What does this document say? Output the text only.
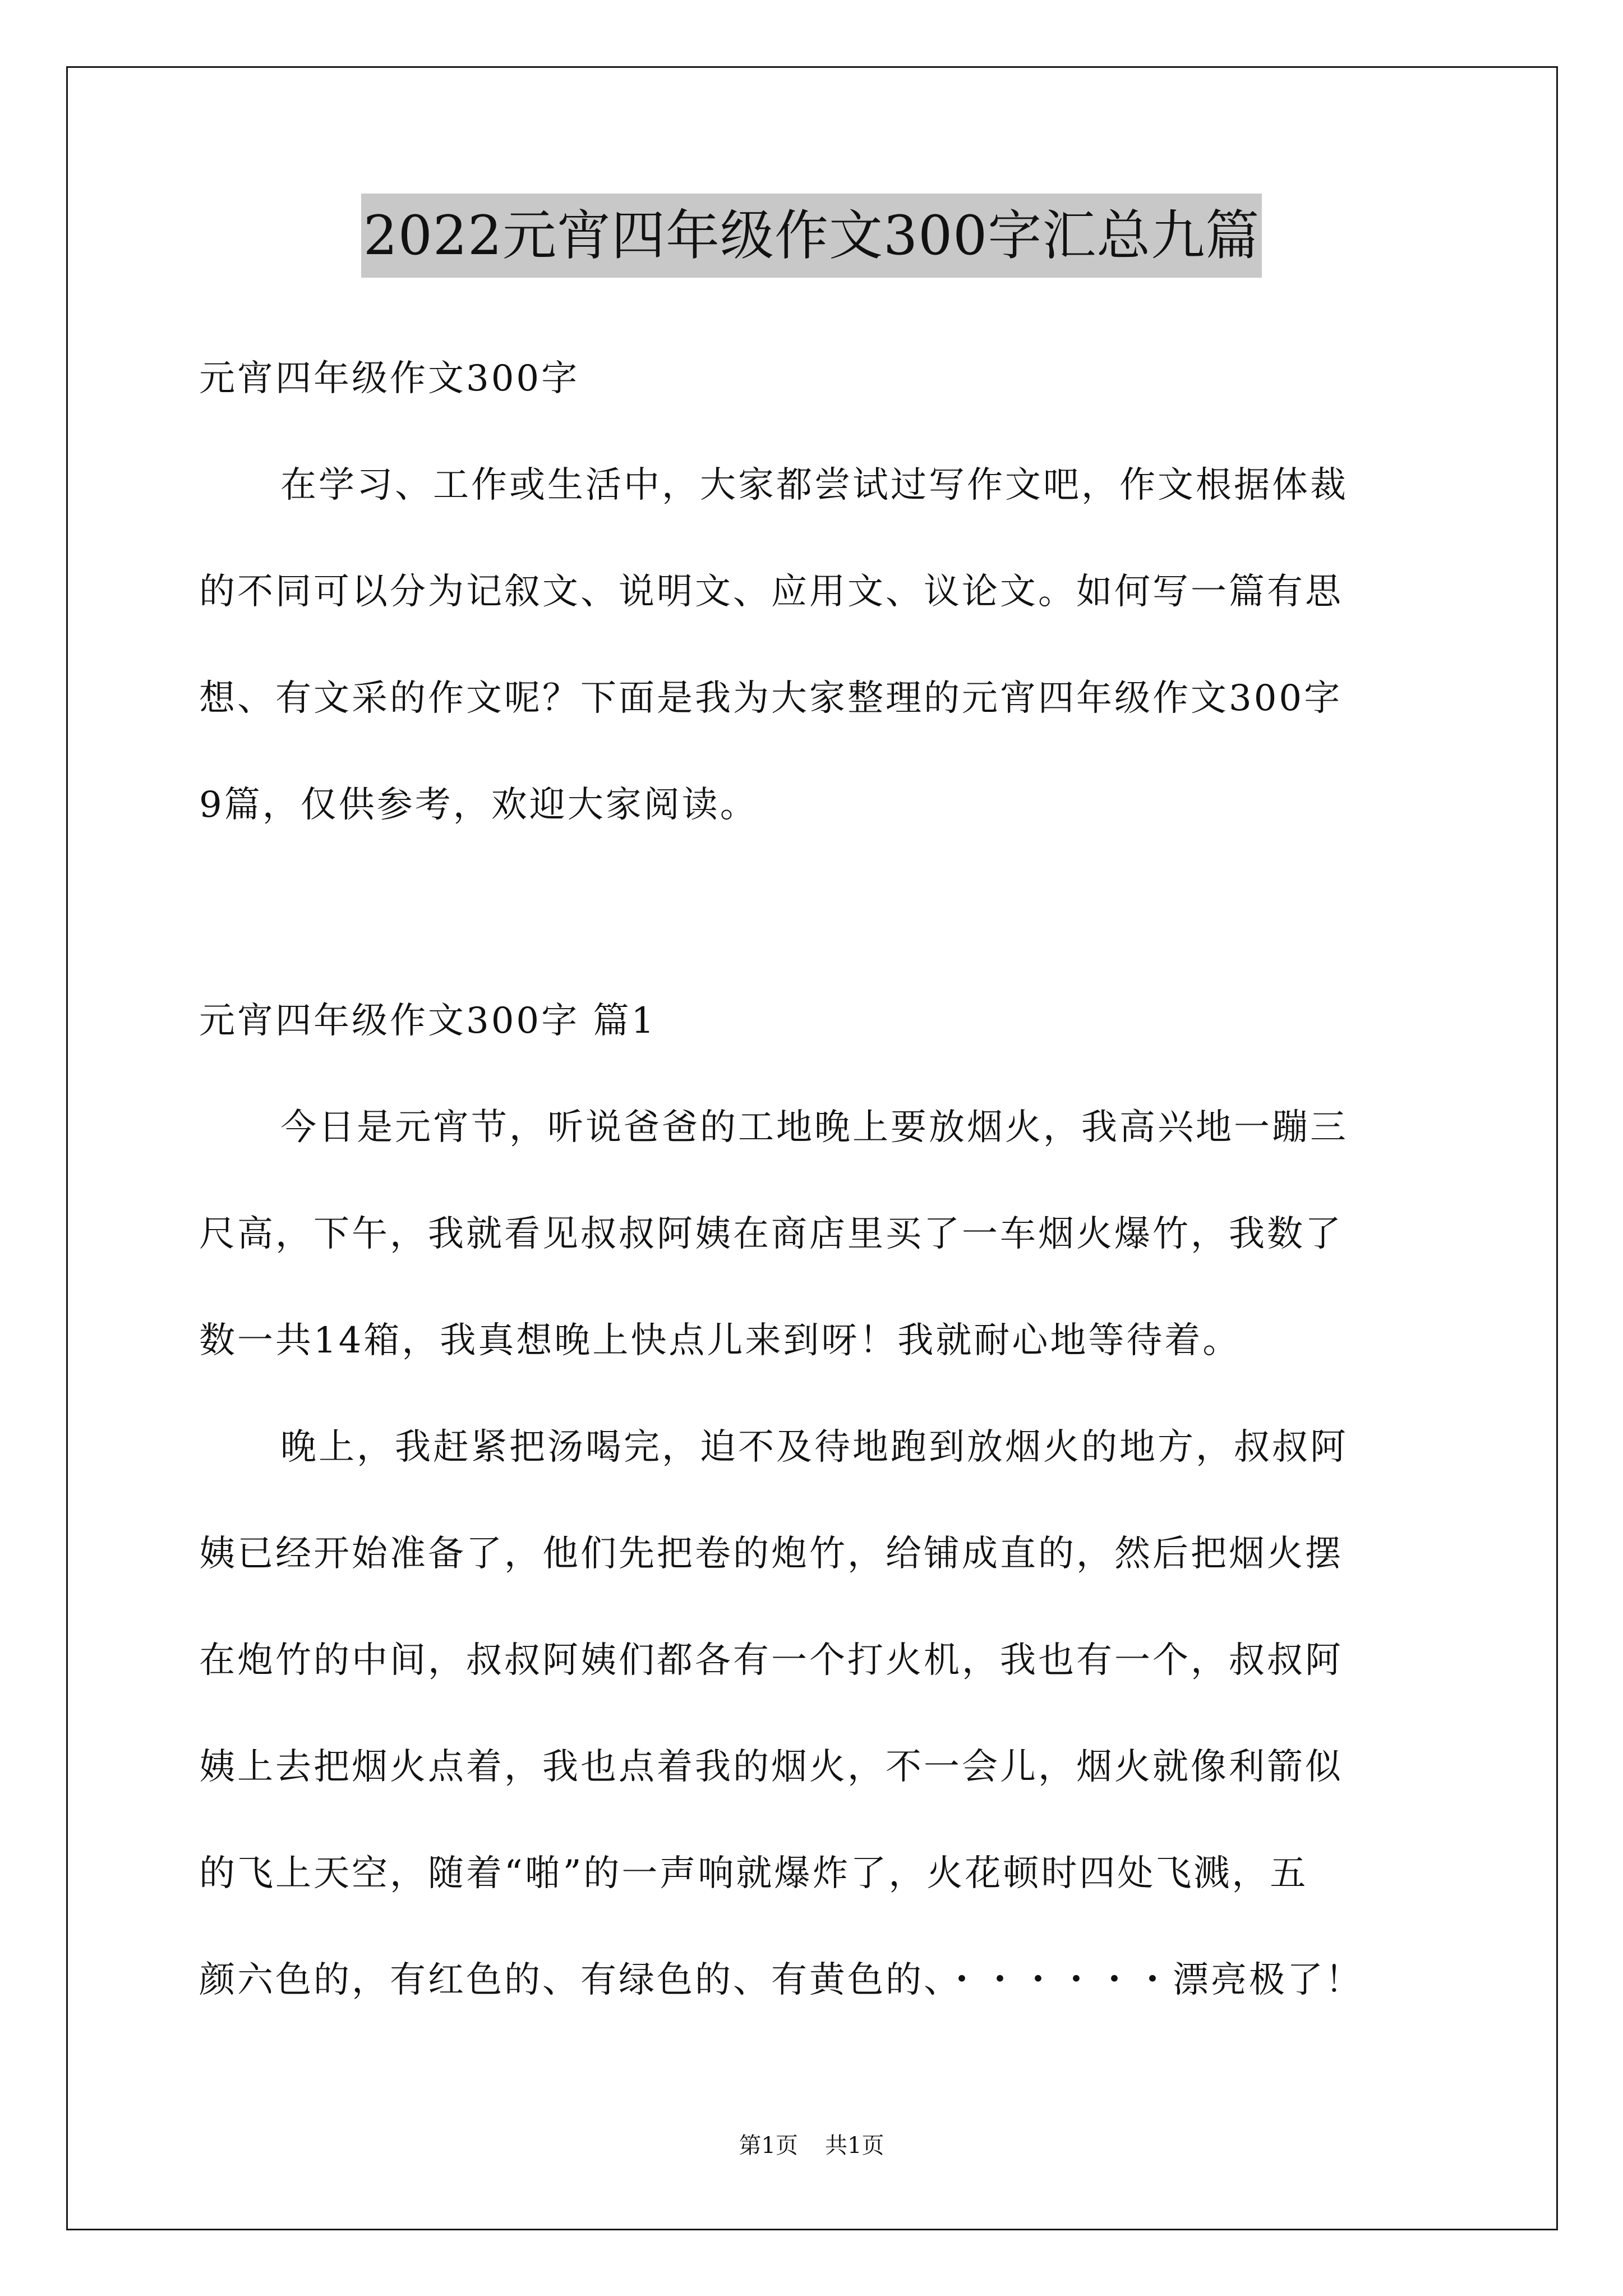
2022元宵四年级作文300字汇总九篇
元宵四年级作文300字
在学习、工作或生活中，大家都尝试过写作文吧，作文根据体裁
的不同可以分为记叙文、说明文、应用文、议论文。如何写一篇有思
想、有文采的作文呢？下面是我为大家整理的元宵四年级作文300字
9篇，仅供参考，欢迎大家阅读。
元宵四年级作文300字 篇1
今日是元宵节，听说爸爸的工地晚上要放烟火，我高兴地一蹦三
尺高，下午，我就看见叔叔阿姨在商店里买了一车烟火爆竹，我数了
数一共14箱，我真想晚上快点儿来到呀！我就耐心地等待着。
晚上，我赶紧把汤喝完，迫不及待地跑到放烟火的地方，叔叔阿
姨已经开始准备了，他们先把卷的炮竹，给铺成直的，然后把烟火摆
在炮竹的中间，叔叔阿姨们都各有一个打火机，我也有一个，叔叔阿
姨上去把烟火点着，我也点着我的烟火，不一会儿，烟火就像利箭似
的飞上天空，随着“啪”的一声响就爆炸了，火花顿时四处飞溅，五
颜六色的，有红色的、有绿色的、有黄色的、・・・・・・漂亮极了！
第1页 共1页
